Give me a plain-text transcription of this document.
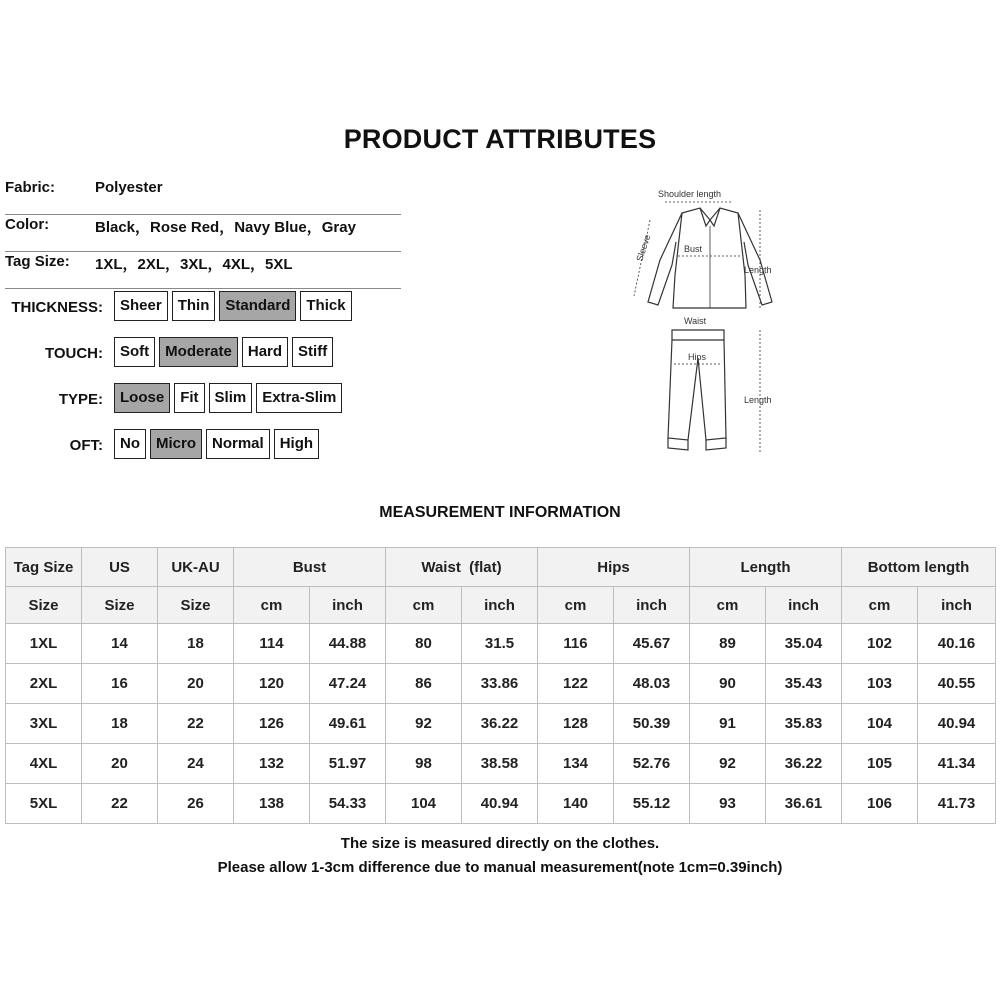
PRODUCT ATTRIBUTES
Fabric:	Polyester
Color:	Black，Rose Red，Navy Blue，Gray
Tag Size: 1XL，2XL，3XL，4XL，5XL
THICKNESS:	Sheer	Thin	Standard	Thick
TOUCH:	Soft	Moderate	Hard	Stiff
TYPE:	Loose	Fit	Slim	Extra-Slim
OFT:	No	Micro	Normal	High
Shoulder length
Sleeve	Bust
Length
Waist
Hips
Length
MEASUREMENT INFORMATION
Tag Size	US	UK-AU	Bust		Waist  (flat)		Hips		Length		Bottom length	
Size	Size	Size	cm	inch	cm	inch	cm	inch	cm	inch	cm	inch
1XL	14	18	114	44.88	80	31.5	116	45.67	89	35.04	102	40.16
2XL	16	20	120	47.24	86	33.86	122	48.03	90	35.43	103	40.55
3XL	18	22	126	49.61	92	36.22	128	50.39	91	35.83	104	40.94
4XL	20	24	132	51.97	98	38.58	134	52.76	92	36.22	105	41.34
5XL	22	26	138	54.33	104	40.94	140	55.12	93	36.61	106	41.73
The size is measured directly on the clothes.
Please allow 1-3cm difference due to manual measurement(note 1cm=0.39inch)
